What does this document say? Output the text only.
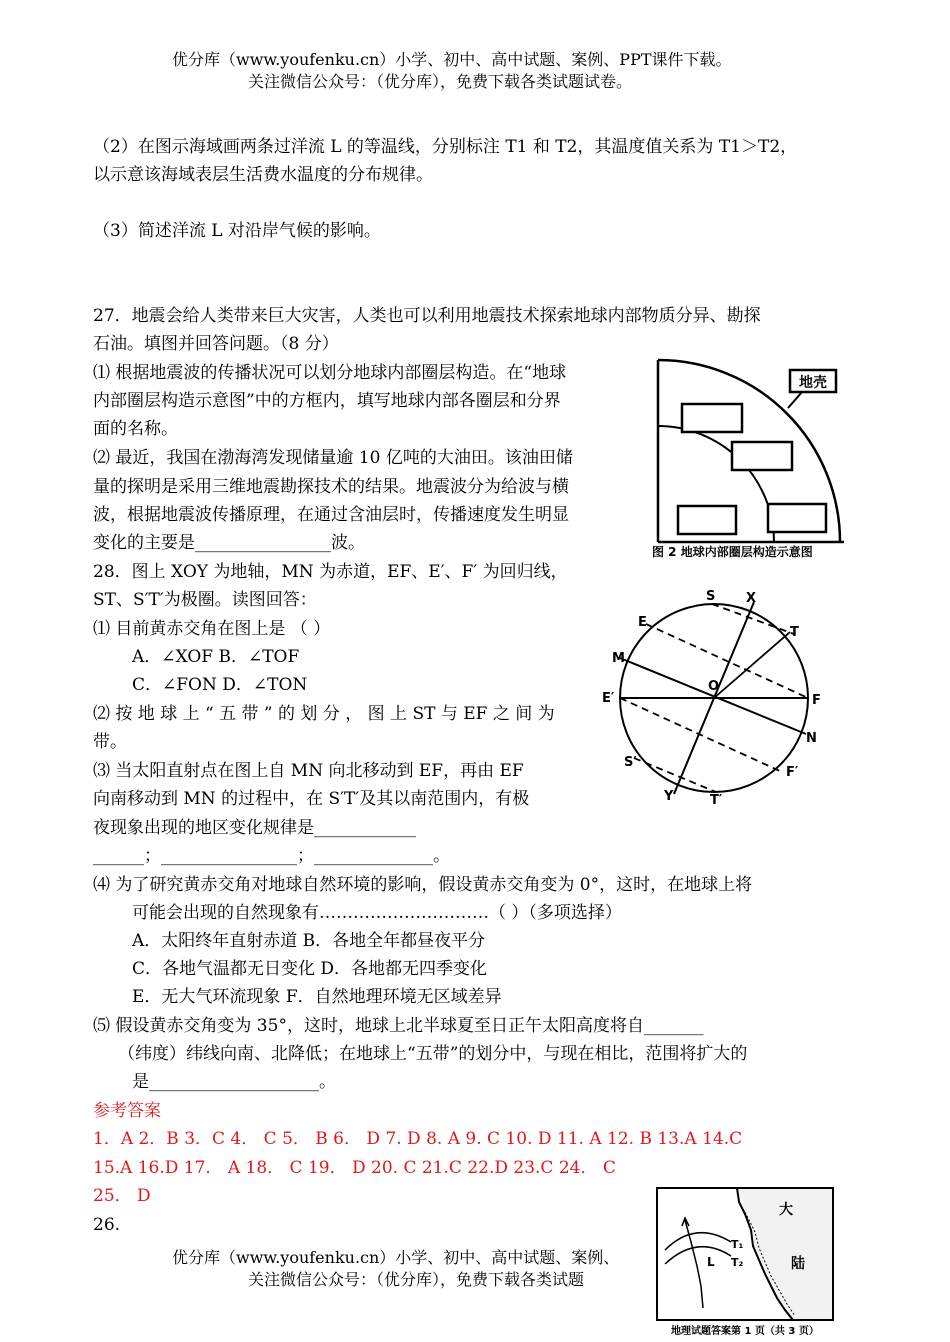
优分库（www.youfenku.cn）小学、初中、高中试题、案例、PPT课件下载。
关注微信公众号：（优分库），免费下载各类试题试卷。
（2）在图示海域画两条过洋流 L 的等温线，分别标注 T1 和 T2，其温度值关系为 T1＞T2，
以示意该海域表层生活费水温度的分布规律。
（3）简述洋流 L 对沿岸气候的影响。
27．地震会给人类带来巨大灾害，人类也可以利用地震技术探索地球内部物质分异、勘探
石油。填图并回答问题。（8 分）
⑴ 根据地震波的传播状况可以划分地球内部圈层构造。在“地球
内部圈层构造示意图”中的方框内，填写地球内部各圈层和分界
面的名称。
⑵ 最近，我国在渤海湾发现储量逾 10 亿吨的大油田。该油田储
量的探明是采用三维地震勘探技术的结果。地震波分为给波与横
波，根据地震波传播原理，在通过含油层时，传播速度发生明显
变化的主要是________________波。
地壳
图 2 地球内部圈层构造示意图
28．图上 XOY 为地轴，MN 为赤道，EF、E′、F′ 为回归线，
ST、S′T′为极圈。读图回答：
⑴ 目前黄赤交角在图上是 （ ）
A．∠XOF B．∠TOF
C．∠FON D．∠TON
⑵ 按 地 球 上 “ 五 带 ” 的 划 分 ， 图 上 ST 与 EF 之 间 为
带。
⑶ 当太阳直射点在图上自 MN 向北移动到 EF，再由 EF
向南移动到 MN 的过程中，在 S′T′及其以南范围内，有极
夜现象出现的地区变化规律是____________
______；________________；______________。
⑷ 为了研究黄赤交角对地球自然环境的影响，假设黄赤交角变为 0°，这时，在地球上将
可能会出现的自然现象有…………………………（ ）（多项选择）
A．太阳终年直射赤道 B．各地全年都昼夜平分
C．各地气温都无日变化 D．各地都无四季变化
E．无大气环流现象 F．自然地理环境无区域差异
⑸ 假设黄赤交角变为 35°，这时，地球上北半球夏至日正午太阳高度将自_______
（纬度）纬线向南、北降低；在地球上“五带”的划分中，与现在相比，范围将扩大的
是____________________。
S X
T
E
M
O
E′	F
N
S′
F′
Y′	T′
参考答案
1．A 2．B 3．C 4． C 5． B 6． D 7. D 8. A 9. C 10. D 11. A 12. B 13.A 14.C
15.A 16.D 17． A 18． C 19． D 20. C 21.C 22.D 23.C 24． C
25． D
26.
大
陆
T₁
T₂
L
地理试题答案第 1 页（共 3 页）
优分库（www.youfenku.cn）小学、初中、高中试题、案例、
关注微信公众号：（优分库），免费下载各类试题
